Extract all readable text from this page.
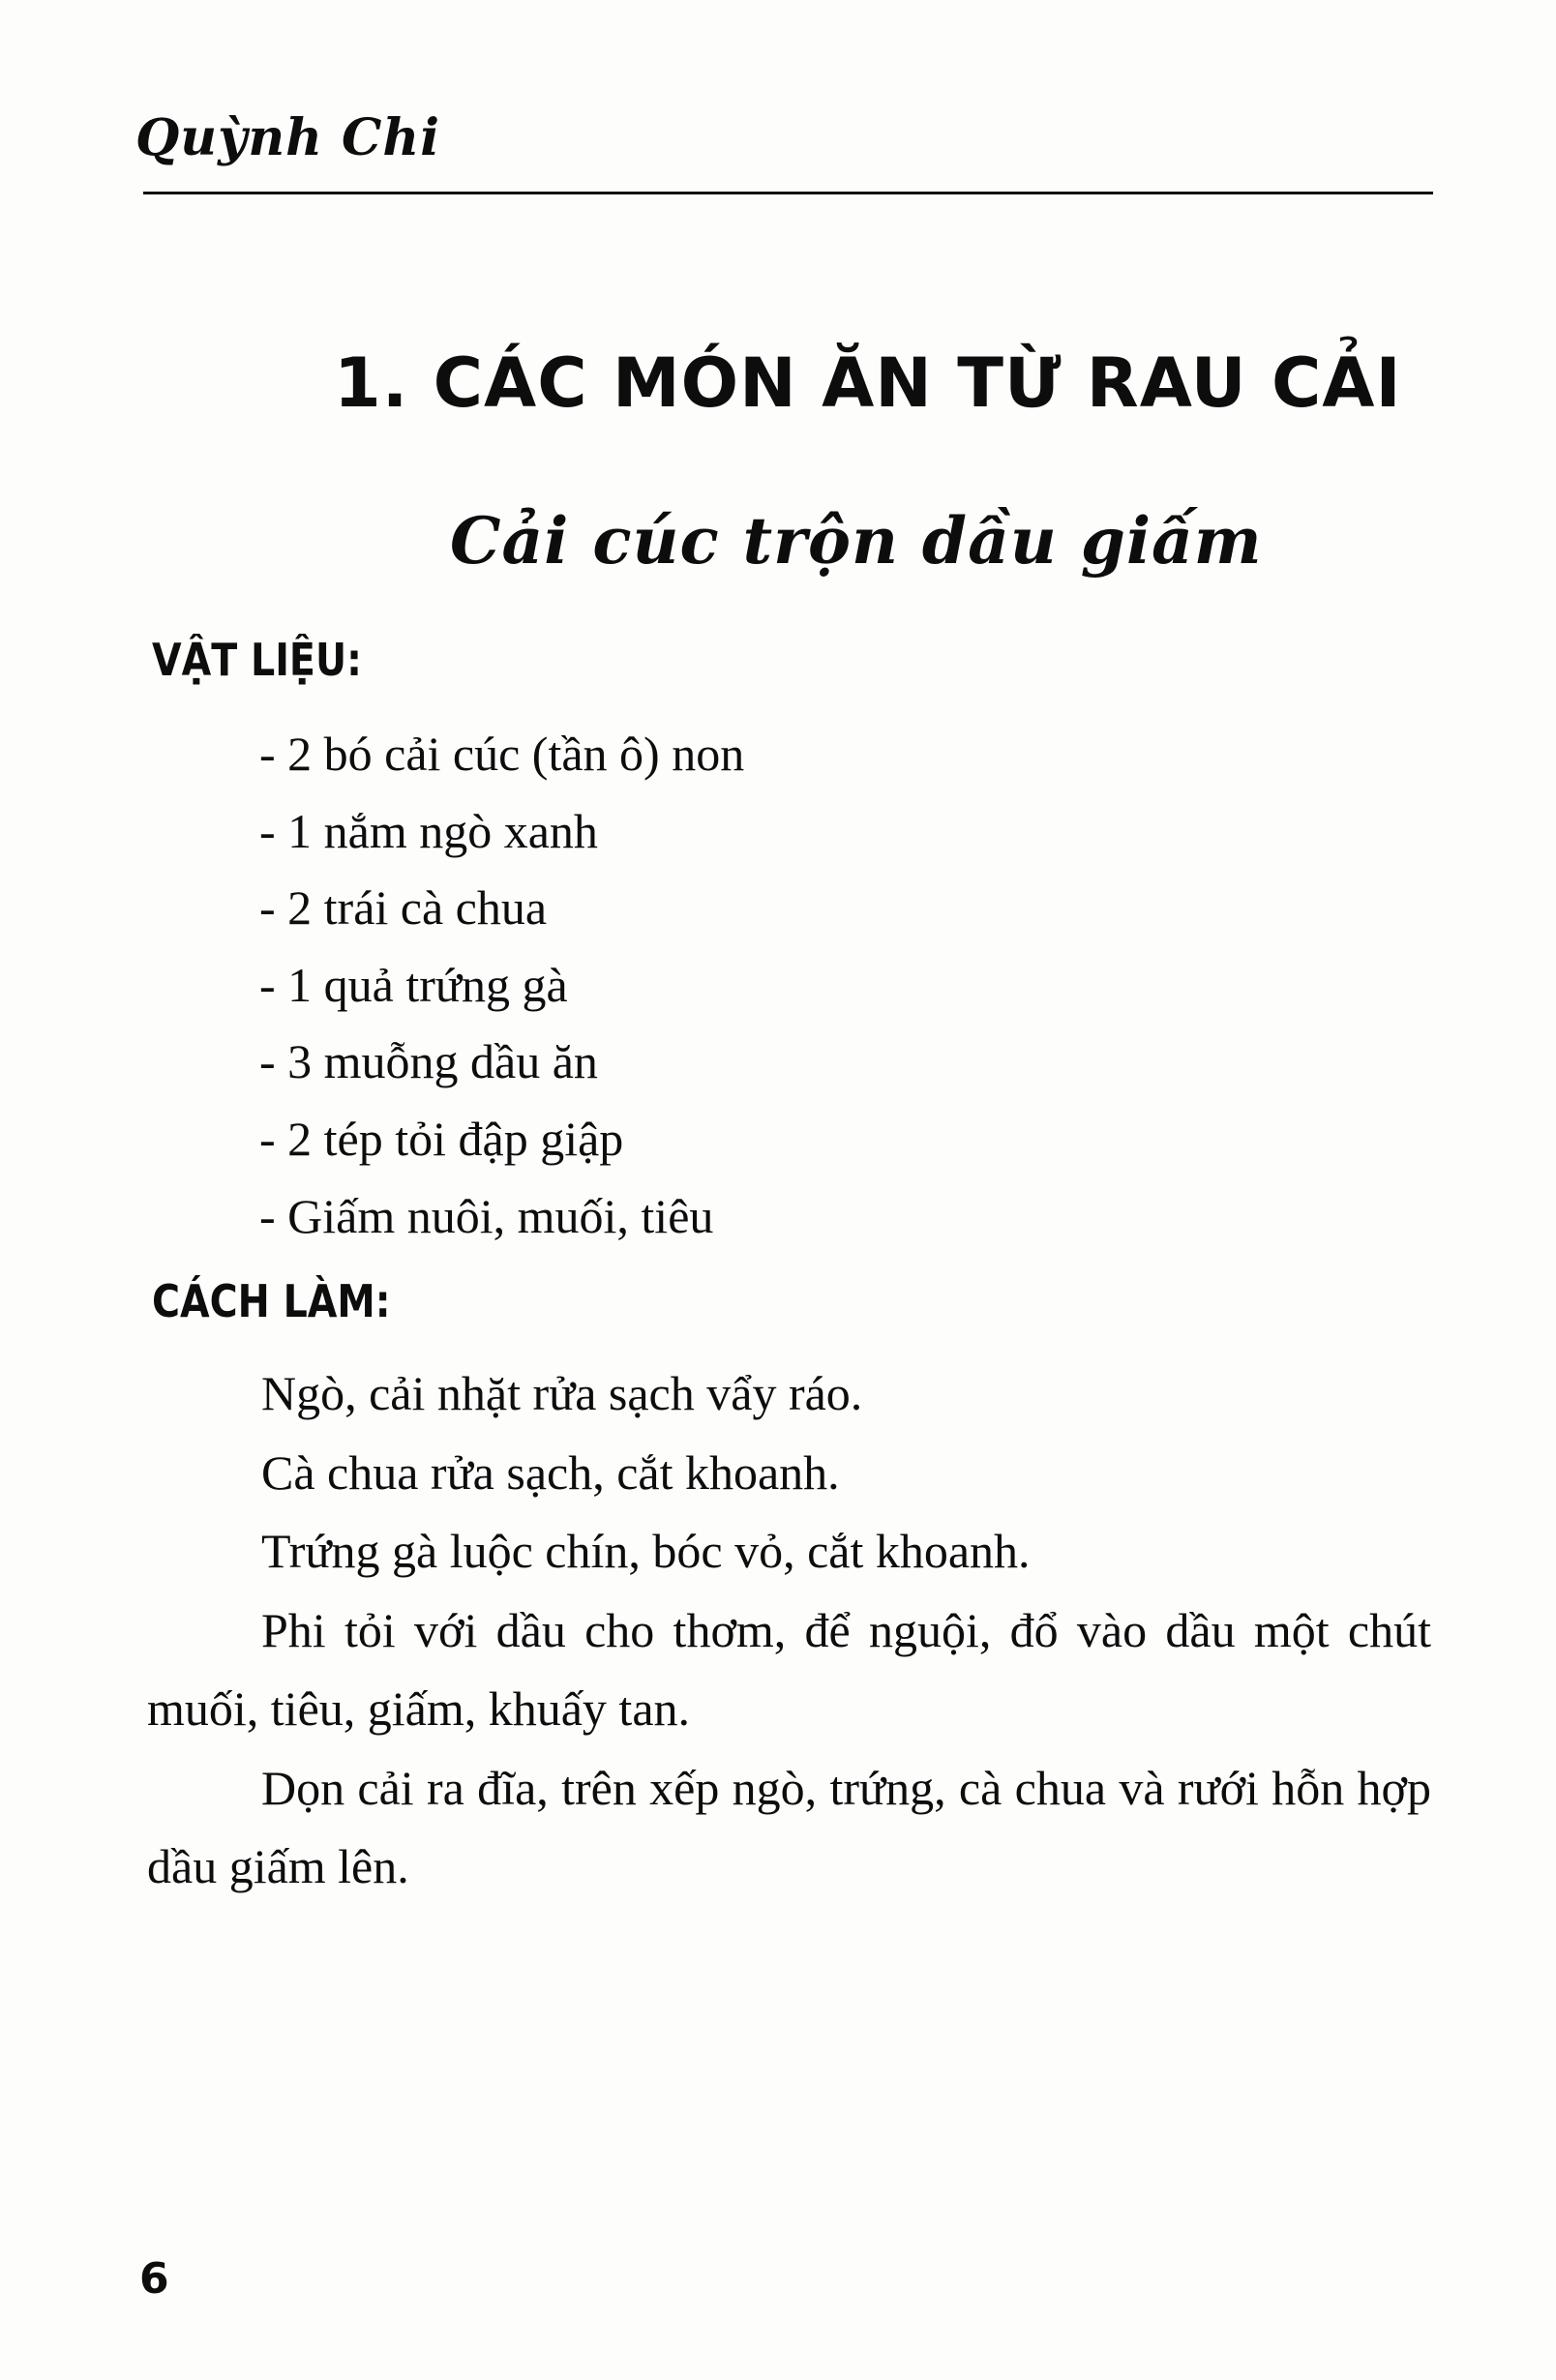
Quỳnh Chi
1. CÁC MÓN ĂN TỪ RAU CẢI
Cải cúc trộn dầu giấm
VẬT LIỆU:
- 2 bó cải cúc (tần ô) non
- 1 nắm ngò xanh
- 2 trái cà chua
- 1 quả trứng gà
- 3 muỗng dầu ăn
- 2 tép tỏi đập giập
- Giấm nuôi, muối, tiêu
CÁCH LÀM:

Ngò, cải nhặt rửa sạch vẩy ráo.

Cà chua rửa sạch, cắt khoanh.

Trứng gà luộc chín, bóc vỏ, cắt khoanh.

Phi tỏi với dầu cho thơm, để nguội, đổ vào dầu một chút muối, tiêu, giấm, khuấy tan.

Dọn cải ra đĩa, trên xếp ngò, trứng, cà chua và rưới hỗn hợp dầu giấm lên.

6
